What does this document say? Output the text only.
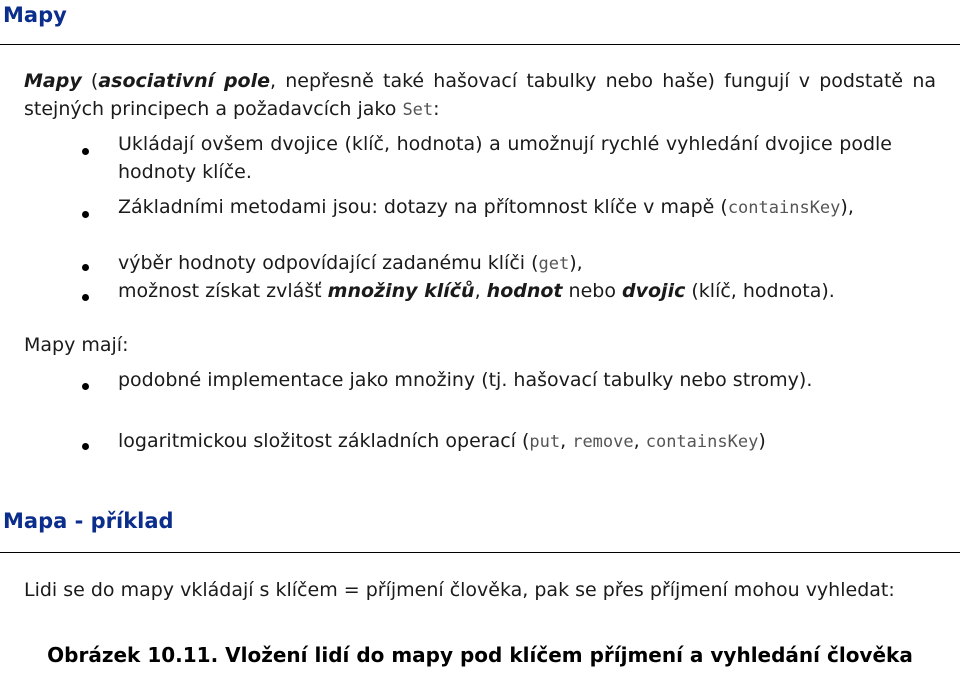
Mapy
Mapy (asociativní pole, nepřesně také hašovací tabulky nebo haše) fungují v podstatě na stejných principech a požadavcích jako Set:
Ukládají ovšem dvojice (klíč, hodnota) a umožnují rychlé vyhledání dvojice podle hodnoty klíče.
Základními metodami jsou: dotazy na přítomnost klíče v mapě (containsKey),
výběr hodnoty odpovídající zadanému klíči (get),
možnost získat zvlášť množiny klíčů, hodnot nebo dvojic (klíč, hodnota).
Mapy mají:
podobné implementace jako množiny (tj. hašovací tabulky nebo stromy).
logaritmickou složitost základních operací (put, remove, containsKey)
Mapa - příklad
Lidi se do mapy vkládají s klíčem = příjmení člověka, pak se přes příjmení mohou vyhledat:
Obrázek 10.11. Vložení lidí do mapy pod klíčem příjmení a vyhledání člověka
